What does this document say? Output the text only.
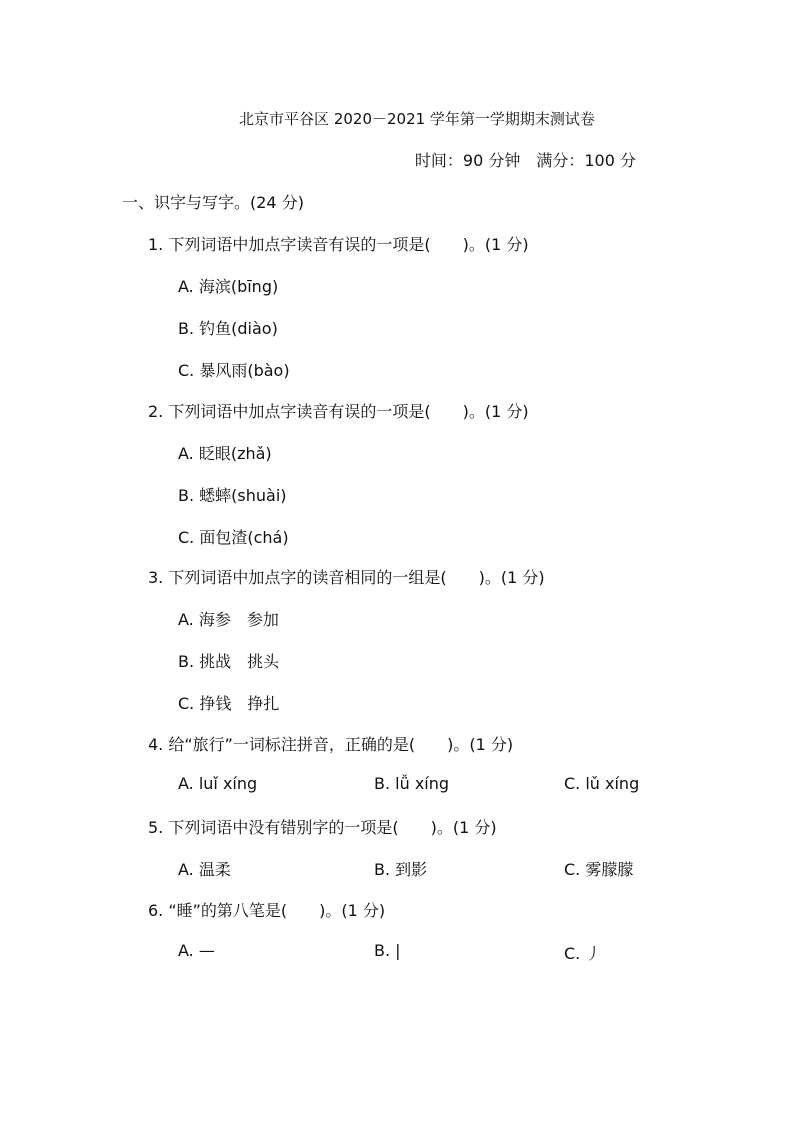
北京市平谷区 2020－2021 学年第一学期期末测试卷
时间：90 分钟　满分：100 分
一、识字与写字。(24 分)
1. 下列词语中加点字读音有误的一项是(　　)。(1 分)
A. 海滨(bīng)
B. 钓鱼(diào)
C. 暴风雨(bào)
2. 下列词语中加点字读音有误的一项是(　　)。(1 分)
A. 眨眼(zhǎ)
B. 蟋蟀(shuài)
C. 面包渣(chá)
3. 下列词语中加点字的读音相同的一组是(　　)。(1 分)
A. 海参　参加
B. 挑战　挑头
C. 挣钱　挣扎
4. 给“旅行”一词标注拼音，正确的是(　　)。(1 分)
A. luǐ xíng	B. lǚ xíng	C. lǔ xíng
5. 下列词语中没有错别字的一项是(　　)。(1 分)
A. 温柔	B. 到影	C. 雾朦朦
6. “睡”的第八笔是(　　)。(1 分)
A. —	B. |	C. 丿
